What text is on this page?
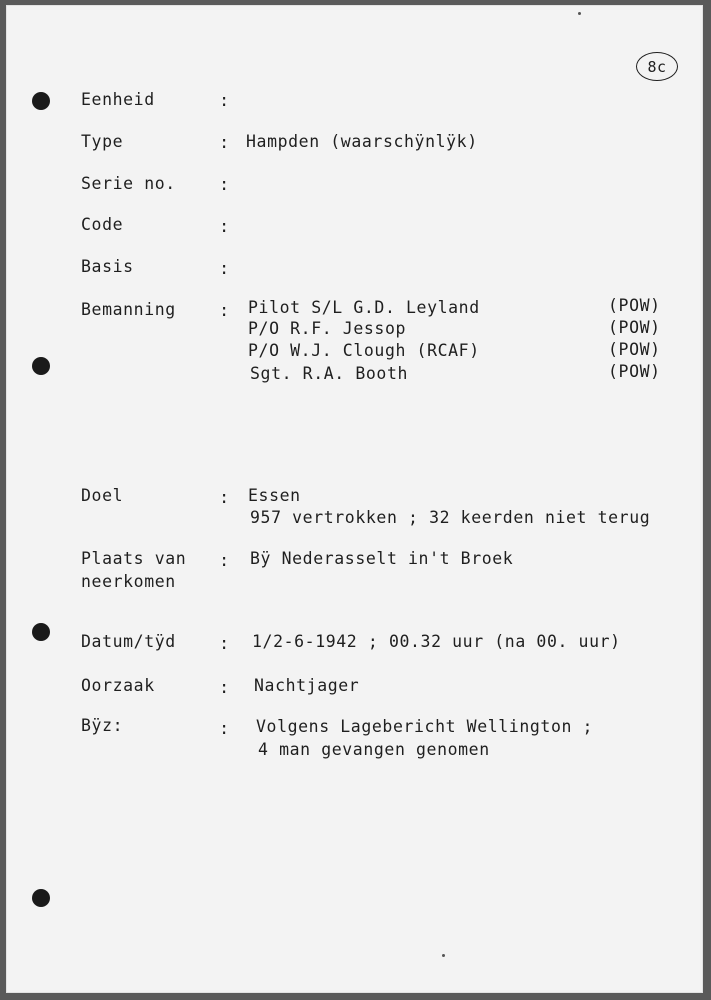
8c
Eenheid	:
Type	: Hampden (waarschÿnlÿk)
Serie no.	:
Code	:
Basis	:
Bemanning	: Pilot S/L G.D. Leyland	(POW)
P/O R.F. Jessop	(POW)
P/O W.J. Clough (RCAF)	(POW)
Sgt. R.A. Booth	(POW)
Doel	: Essen
957 vertrokken ; 32 keerden niet terug
Plaats van
neerkomen
: Bÿ Nederasselt in't Broek
Datum/tÿd	: 1/2-6-1942 ; 00.32 uur (na 00. uur)
Oorzaak	: Nachtjager
Bÿz:	: Volgens Lagebericht Wellington ;
4 man gevangen genomen
